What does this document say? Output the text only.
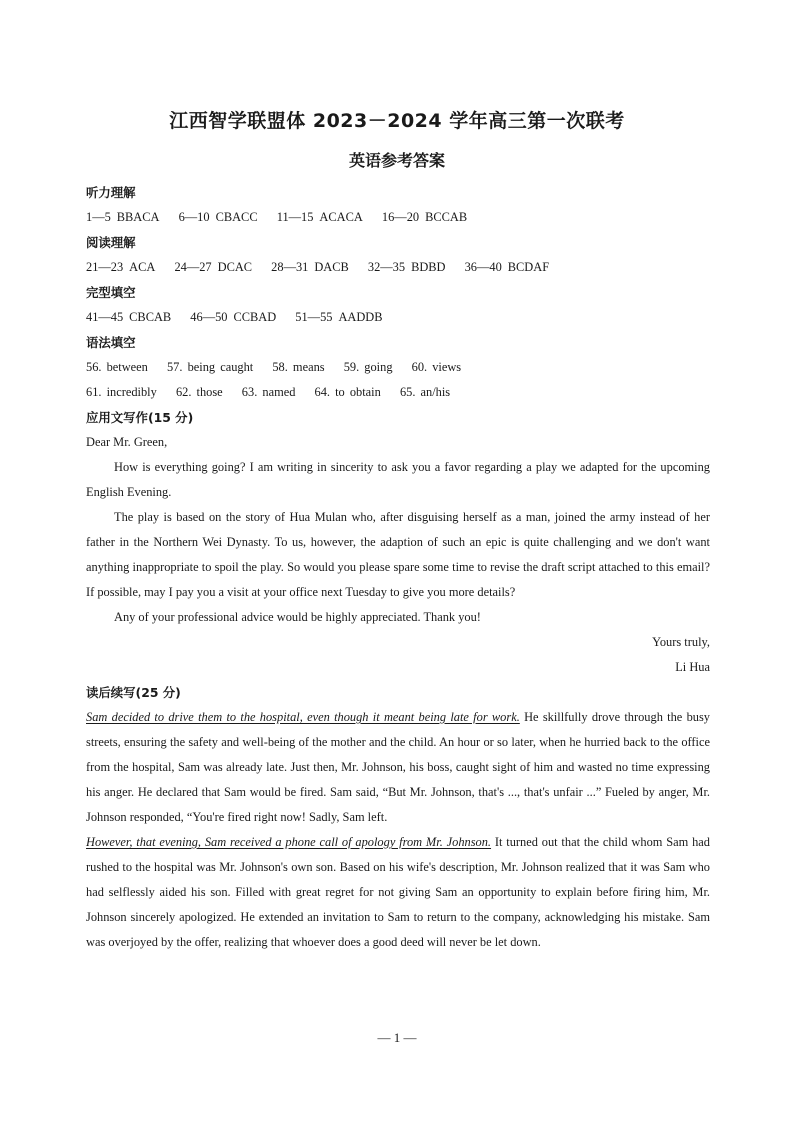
江西智学联盟体 2023－2024 学年高三第一次联考
英语参考答案
听力理解
1—5 BBACA 6—10 CBACC 11—15 ACACA 16—20 BCCAB
阅读理解
21—23 ACA 24—27 DCAC 28—31 DACB 32—35 BDBD 36—40 BCDAF
完型填空
41—45 CBCAB 46—50 CCBAD 51—55 AADDB
语法填空
56. between 57. being caught 58. means 59. going 60. views
61. incredibly 62. those 63. named 64. to obtain 65. an/his
应用文写作(15 分)

Dear Mr. Green,

How is everything going? I am writing in sincerity to ask you a favor regarding a play we adapted for the upcoming English Evening.

The play is based on the story of Hua Mulan who, after disguising herself as a man, joined the army instead of her father in the Northern Wei Dynasty. To us, however, the adaption of such an epic is quite challenging and we don't want anything inappropriate to spoil the play. So would you please spare some time to revise the draft script attached to this email? If possible, may I pay you a visit at your office next Tuesday to give you more details?

Any of your professional advice would be highly appreciated. Thank you!

Yours truly,

Li Hua

读后续写(25 分)

Sam decided to drive them to the hospital, even though it meant being late for work. He skillfully drove through the busy streets, ensuring the safety and well-being of the mother and the child. An hour or so later, when he hurried back to the office from the hospital, Sam was already late. Just then, Mr. Johnson, his boss, caught sight of him and wasted no time expressing his anger. He declared that Sam would be fired. Sam said, “But Mr. Johnson, that's ..., that's unfair ...” Fueled by anger, Mr. Johnson responded, “You're fired right now! Sadly, Sam left.

However, that evening, Sam received a phone call of apology from Mr. Johnson. It turned out that the child whom Sam had rushed to the hospital was Mr. Johnson's own son. Based on his wife's description, Mr. Johnson realized that it was Sam who had selflessly aided his son. Filled with great regret for not giving Sam an opportunity to explain before firing him, Mr. Johnson sincerely apologized. He extended an invitation to Sam to return to the company, acknowledging his mistake. Sam was overjoyed by the offer, realizing that whoever does a good deed will never be let down.

— 1 —
